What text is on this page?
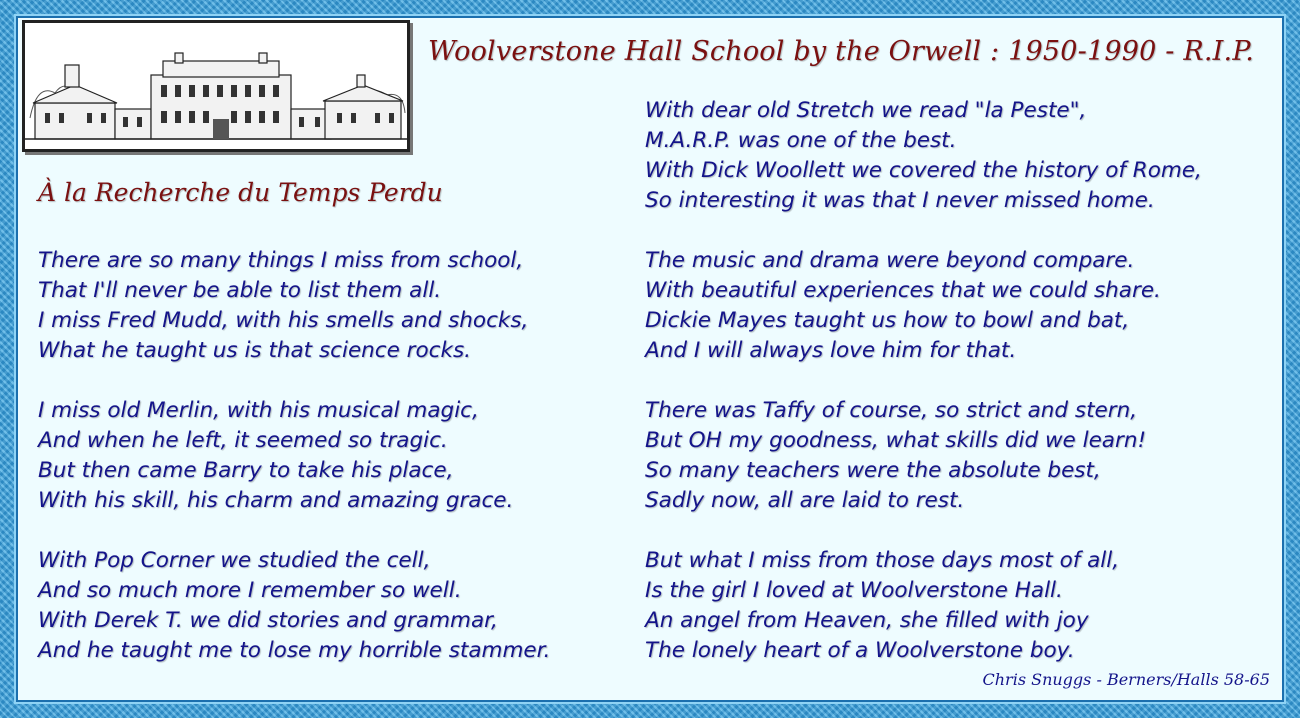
Woolverstone Hall School by the Orwell : 1950-1990 - R.I.P.
À la Recherche du Temps Perdu
There are so many things I miss from school,
That I'll never be able to list them all.
I miss Fred Mudd, with his smells and shocks,
What he taught us is that science rocks.
I miss old Merlin, with his musical magic,
And when he left, it seemed so tragic.
But then came Barry to take his place,
With his skill, his charm and amazing grace.
With Pop Corner we studied the cell,
And so much more I remember so well.
With Derek T. we did stories and grammar,
And he taught me to lose my horrible stammer.
With dear old Stretch we read "la Peste",
M.A.R.P. was one of the best.
With Dick Woollett we covered the history of Rome,
So interesting it was that I never missed home.
The music and drama were beyond compare.
With beautiful experiences that we could share.
Dickie Mayes taught us how to bowl and bat,
And I will always love him for that.
There was Taffy of course, so strict and stern,
But OH my goodness, what skills did we learn!
So many teachers were the absolute best,
Sadly now, all are laid to rest.
But what I miss from those days most of all,
Is the girl I loved at Woolverstone Hall.
An angel from Heaven, she filled with joy
The lonely heart of a Woolverstone boy.
Chris Snuggs - Berners/Halls 58-65
